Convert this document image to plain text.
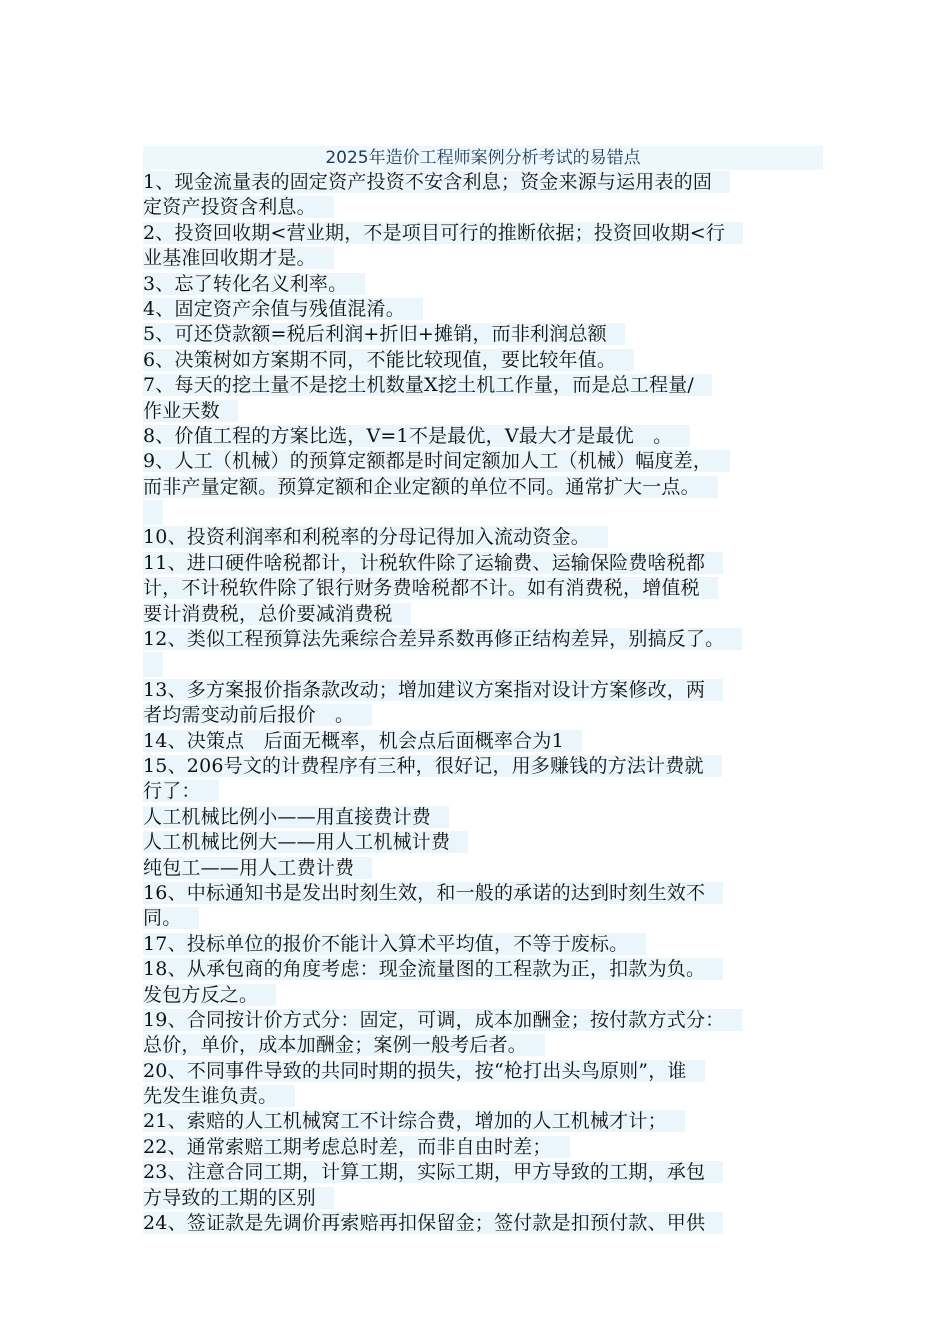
2025年造价工程师案例分析考试的易错点
1、现金流量表的固定资产投资不安含利息；资金来源与运用表的固
定资产投资含利息。
2、投资回收期<营业期，不是项目可行的推断依据；投资回收期<行
业基准回收期才是。
3、忘了转化名义利率。
4、固定资产余值与残值混淆。
5、可还贷款额=税后利润+折旧+摊销，而非利润总额
6、决策树如方案期不同，不能比较现值，要比较年值。
7、每天的挖土量不是挖土机数量X挖土机工作量，而是总工程量/
作业天数
8、价值工程的方案比选，V=1不是最优，V最大才是最优　。
9、人工（机械）的预算定额都是时间定额加人工（机械）幅度差，
而非产量定额。预算定额和企业定额的单位不同。通常扩大一点。
10、投资利润率和利税率的分母记得加入流动资金。
11、进口硬件啥税都计，计税软件除了运输费、运输保险费啥税都
计，不计税软件除了银行财务费啥税都不计。如有消费税，增值税
要计消费税，总价要减消费税
12、类似工程预算法先乘综合差异系数再修正结构差异，别搞反了。
13、多方案报价指条款改动；增加建议方案指对设计方案修改，两
者均需变动前后报价　。
14、决策点　后面无概率，机会点后面概率合为1
15、206号文的计费程序有三种，很好记，用多赚钱的方法计费就
行了：
人工机械比例小——用直接费计费
人工机械比例大——用人工机械计费
纯包工——用人工费计费
16、中标通知书是发出时刻生效，和一般的承诺的达到时刻生效不
同。
17、投标单位的报价不能计入算术平均值，不等于废标。
18、从承包商的角度考虑：现金流量图的工程款为正，扣款为负。
发包方反之。
19、合同按计价方式分：固定，可调，成本加酬金；按付款方式分：
总价，单价，成本加酬金；案例一般考后者。
20、不同事件导致的共同时期的损失，按“枪打出头鸟原则”，谁
先发生谁负责。
21、索赔的人工机械窝工不计综合费，增加的人工机械才计；
22、通常索赔工期考虑总时差，而非自由时差；
23、注意合同工期，计算工期，实际工期，甲方导致的工期，承包
方导致的工期的区别
24、签证款是先调价再索赔再扣保留金；签付款是扣预付款、甲供
